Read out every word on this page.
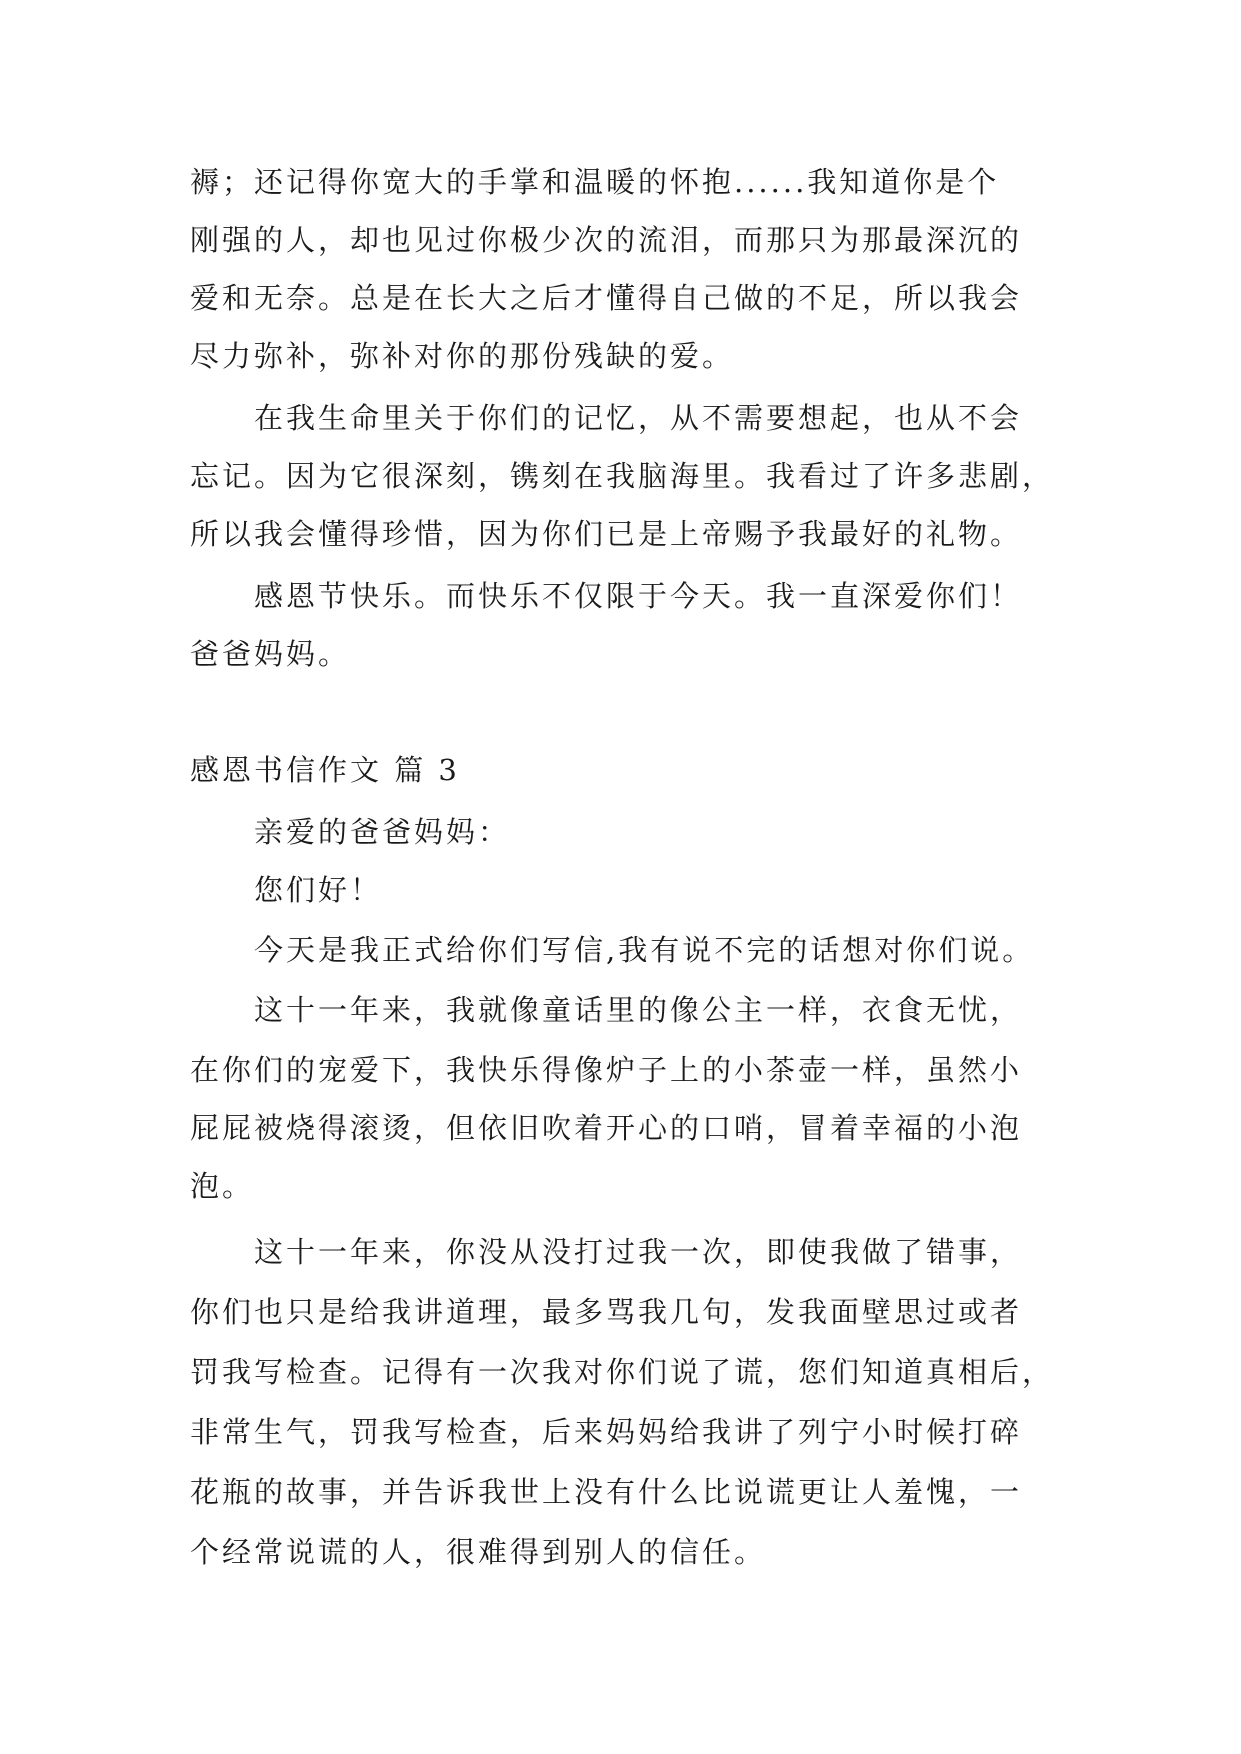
褥；还记得你宽大的手掌和温暖的怀抱......我知道你是个
刚强的人，却也见过你极少次的流泪，而那只为那最深沉的
爱和无奈。总是在长大之后才懂得自己做的不足，所以我会
尽力弥补，弥补对你的那份残缺的爱。
在我生命里关于你们的记忆，从不需要想起，也从不会
忘记。因为它很深刻，镌刻在我脑海里。我看过了许多悲剧，
所以我会懂得珍惜，因为你们已是上帝赐予我最好的礼物。
感恩节快乐。而快乐不仅限于今天。我一直深爱你们！
爸爸妈妈。
感恩书信作文 篇 3
亲爱的爸爸妈妈：
您们好！
今天是我正式给你们写信,我有说不完的话想对你们说。
这十一年来，我就像童话里的像公主一样，衣食无忧，
在你们的宠爱下，我快乐得像炉子上的小茶壶一样，虽然小
屁屁被烧得滚烫，但依旧吹着开心的口哨，冒着幸福的小泡
泡。
这十一年来，你没从没打过我一次，即使我做了错事，
你们也只是给我讲道理，最多骂我几句，发我面壁思过或者
罚我写检查。记得有一次我对你们说了谎，您们知道真相后，
非常生气，罚我写检查，后来妈妈给我讲了列宁小时候打碎
花瓶的故事，并告诉我世上没有什么比说谎更让人羞愧，一
个经常说谎的人，很难得到别人的信任。
